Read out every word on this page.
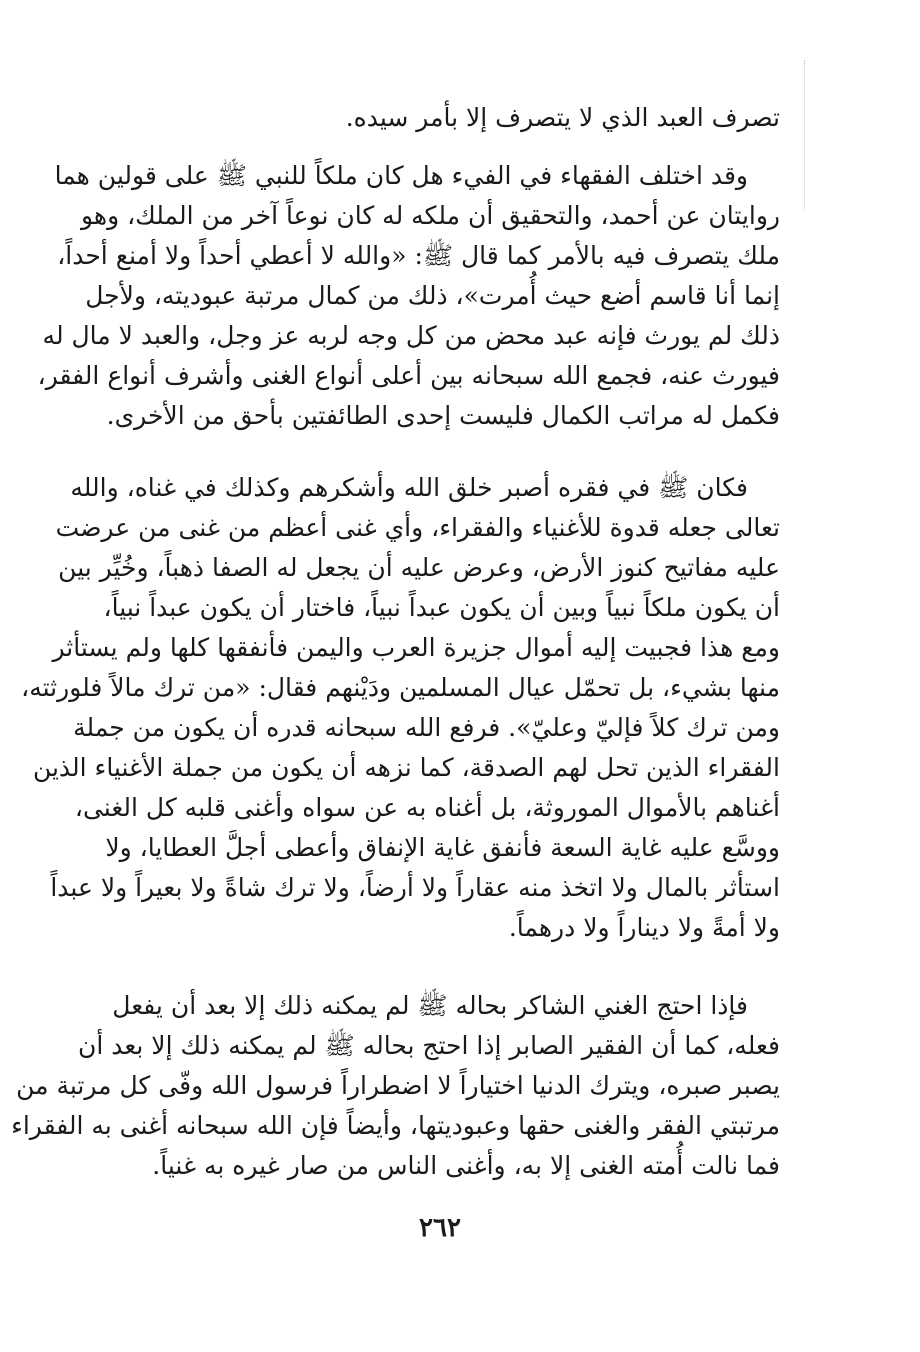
تصرف العبد الذي لا يتصرف إلا بأمر سيده.
وقد اختلف الفقهاء في الفيء هل كان ملكاً للنبي ﷺ على قولين هما
روايتان عن أحمد، والتحقيق أن ملكه له كان نوعاً آخر من الملك، وهو
ملك يتصرف فيه بالأمر كما قال ﷺ: «والله لا أعطي أحداً ولا أمنع أحداً،
إنما أنا قاسم أضع حيث أُمرت»، ذلك من كمال مرتبة عبوديته، ولأجل
ذلك لم يورث فإنه عبد محض من كل وجه لربه عز وجل، والعبد لا مال له
فيورث عنه، فجمع الله سبحانه بين أعلى أنواع الغنى وأشرف أنواع الفقر،
فكمل له مراتب الكمال فليست إحدى الطائفتين بأحق من الأخرى.
فكان ﷺ في فقره أصبر خلق الله وأشكرهم وكذلك في غناه، والله
تعالى جعله قدوة للأغنياء والفقراء، وأي غنى أعظم من غنى من عرضت
عليه مفاتيح كنوز الأرض، وعرض عليه أن يجعل له الصفا ذهباً، وخُيِّر بين
أن يكون ملكاً نبياً وبين أن يكون عبداً نبياً، فاختار أن يكون عبداً نبياً،
ومع هذا فجبيت إليه أموال جزيرة العرب واليمن فأنفقها كلها ولم يستأثر
منها بشيء، بل تحمّل عيال المسلمين ودَيْنهم فقال: «من ترك مالاً فلورثته،
ومن ترك كلاً فإليّ وعليّ». فرفع الله سبحانه قدره أن يكون من جملة
الفقراء الذين تحل لهم الصدقة، كما نزهه أن يكون من جملة الأغنياء الذين
أغناهم بالأموال الموروثة، بل أغناه به عن سواه وأغنى قلبه كل الغنى،
ووسَّع عليه غاية السعة فأنفق غاية الإنفاق وأعطى أجلَّ العطايا، ولا
استأثر بالمال ولا اتخذ منه عقاراً ولا أرضاً، ولا ترك شاةً ولا بعيراً ولا عبداً
ولا أمةً ولا ديناراً ولا درهماً.
فإذا احتج الغني الشاكر بحاله ﷺ لم يمكنه ذلك إلا بعد أن يفعل
فعله، كما أن الفقير الصابر إذا احتج بحاله ﷺ لم يمكنه ذلك إلا بعد أن
يصبر صبره، ويترك الدنيا اختياراً لا اضطراراً فرسول الله وفّى كل مرتبة من
مرتبتي الفقر والغنى حقها وعبوديتها، وأيضاً فإن الله سبحانه أغنى به الفقراء
فما نالت أُمته الغنى إلا به، وأغنى الناس من صار غيره به غنياً.
٢٦٢
